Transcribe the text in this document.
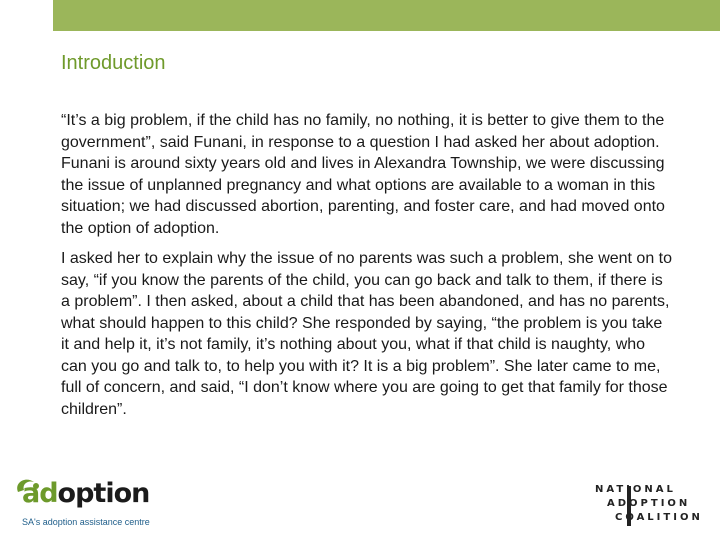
Introduction

“It’s a big problem, if the child has no family, no nothing, it is better to give them to the government”, said Funani, in response to a question I had asked her about adoption. Funani is around sixty years old and lives in Alexandra Township, we were discussing the issue of unplanned pregnancy and what options are available to a woman in this situation; we had discussed abortion, parenting, and foster care, and had moved onto the option of adoption.

I asked her to explain why the issue of no parents was such a problem, she went on to say, “if you know the parents of the child, you can go back and talk to them, if there is a problem”. I then asked, about a child that has been abandoned, and has no parents, what should happen to this child? She responded by saying, “the problem is you take it and help it, it’s not family, it’s nothing about you, what if that child is naughty, who can you go and talk to, to help you with it? It is a big problem”. She later came to me, full of concern, and said, “I don’t know where you are going to get that family for those children”.

adoption
SA's adoption assistance centre
NATIONAL
ADOPTION
COALITION
